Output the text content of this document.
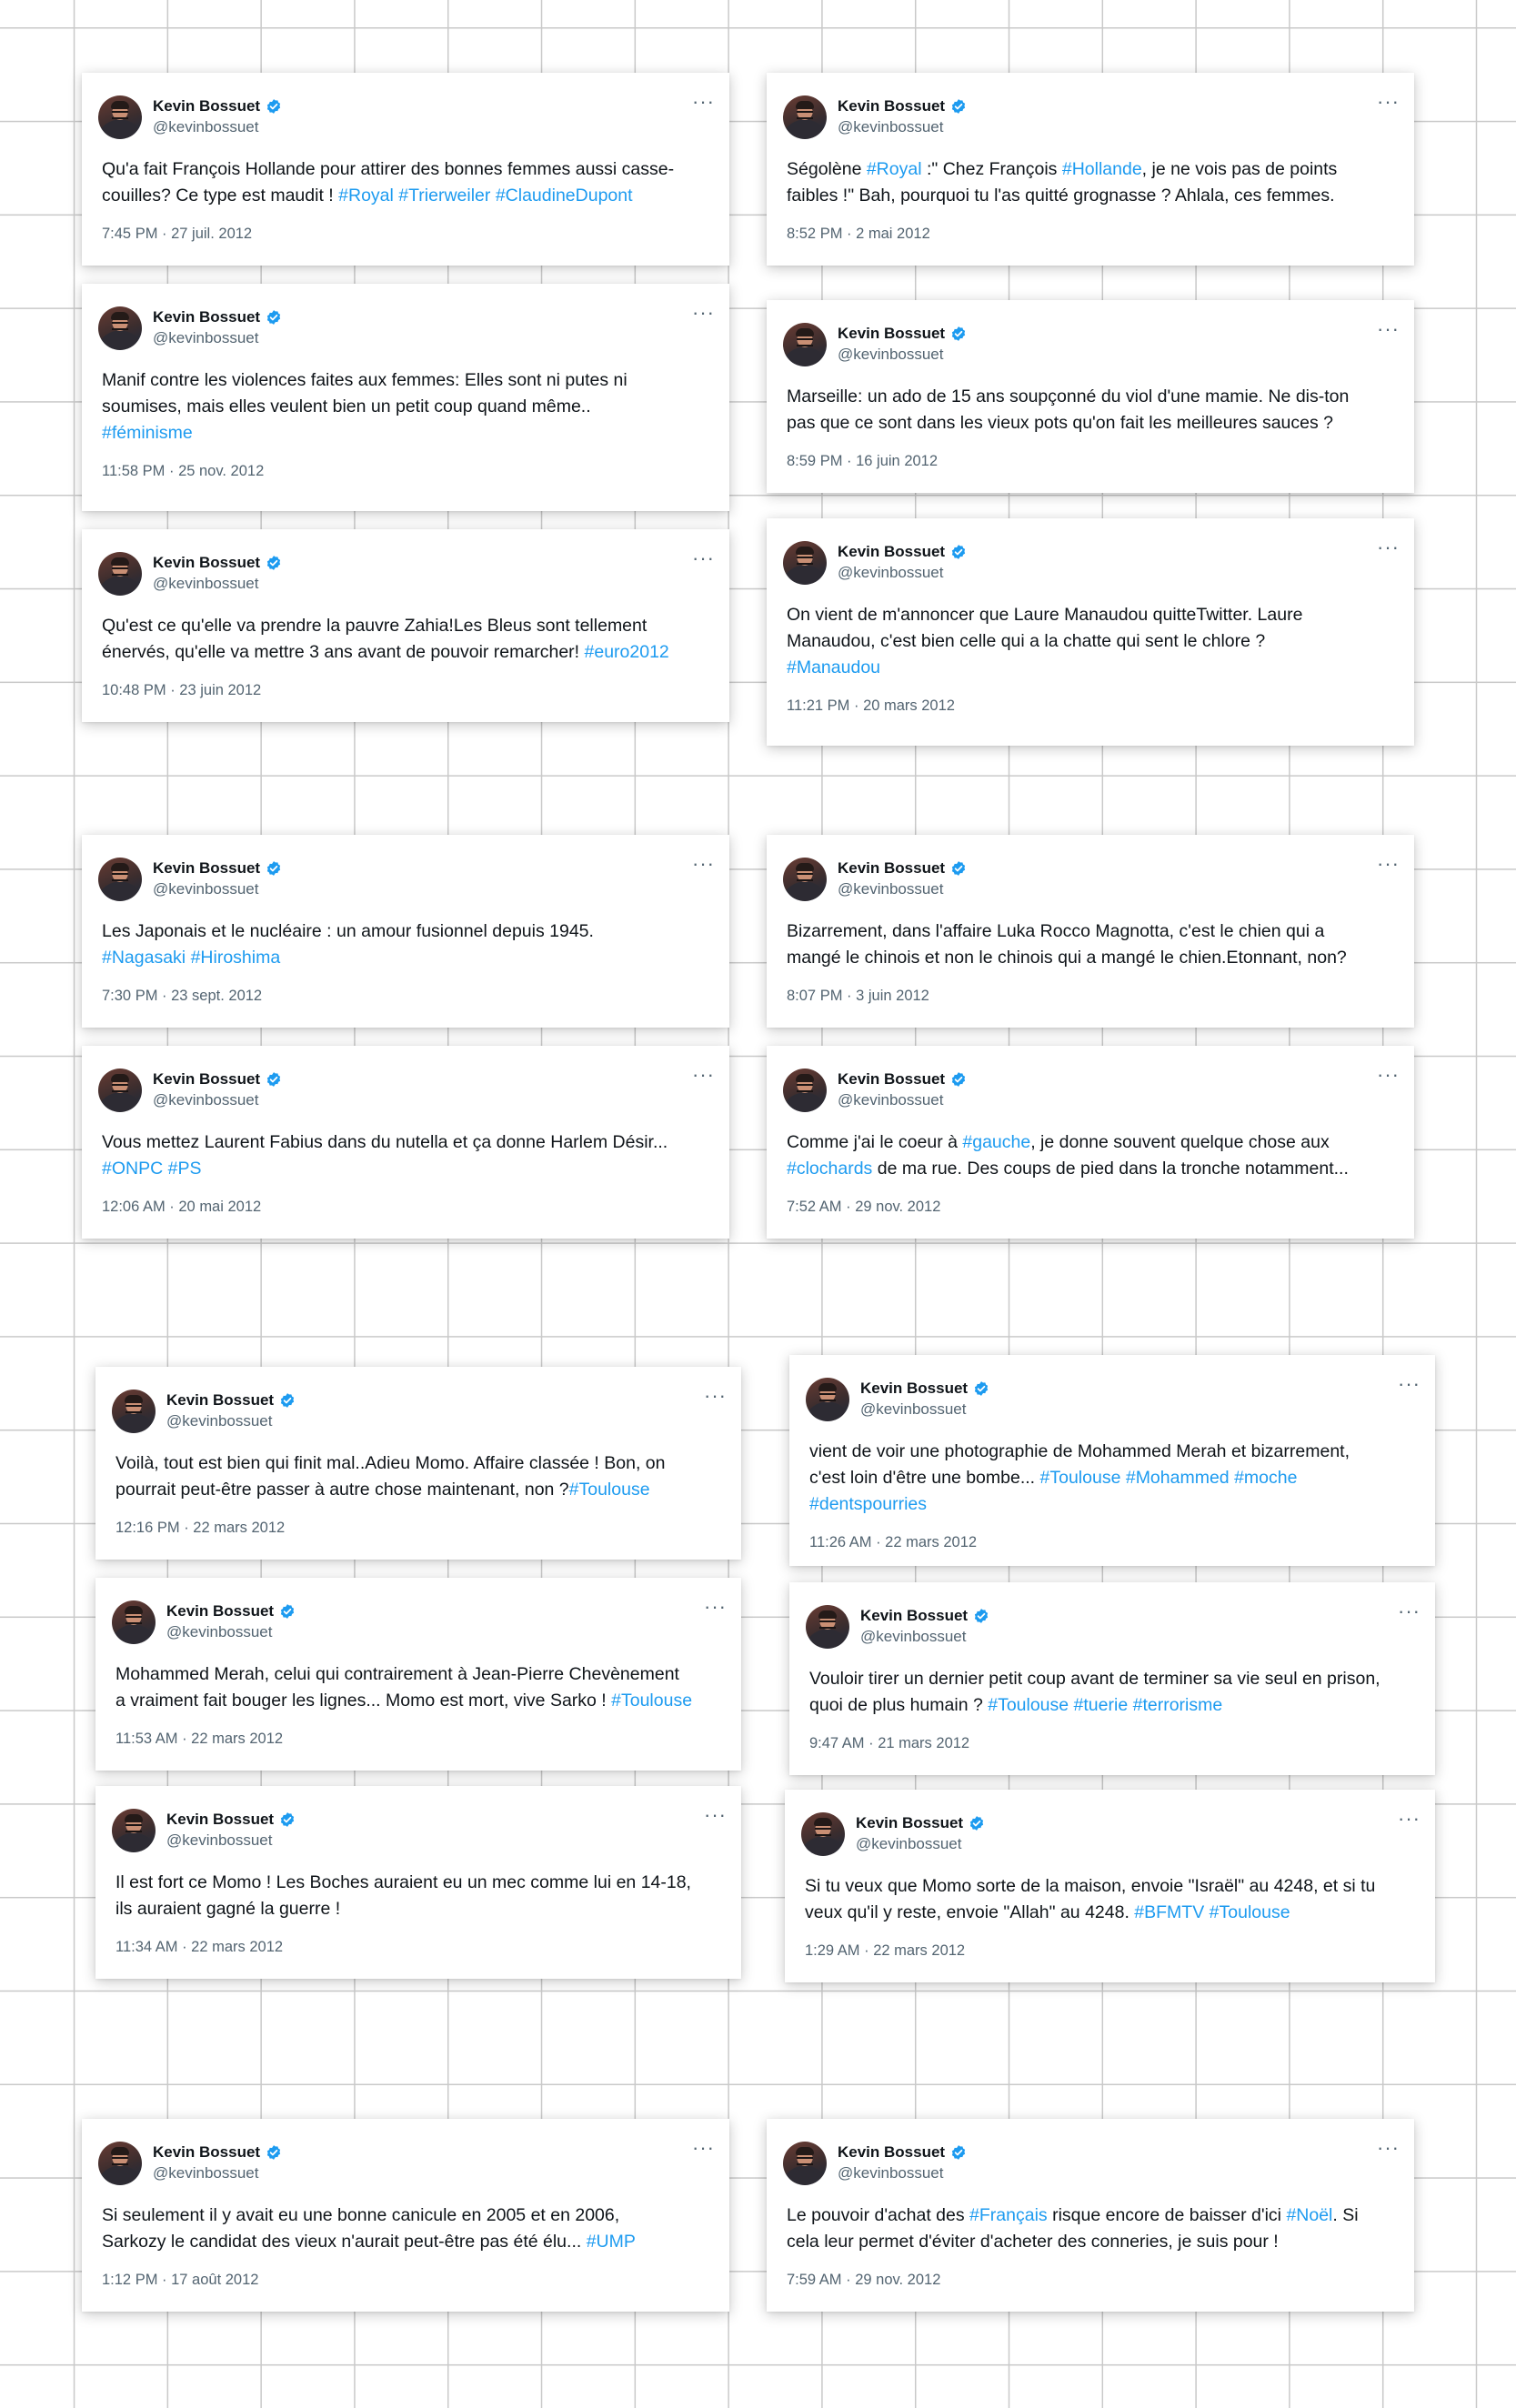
Kevin Bossuet
@kevinbossuet
···
Qu'a fait François Hollande pour attirer des bonnes femmes aussi casse-
couilles? Ce type est maudit ! #Royal #Trierweiler #ClaudineDupont
7:45 PM · 27 juil. 2012
Kevin Bossuet
@kevinbossuet
···
Ségolène #Royal :" Chez François #Hollande, je ne vois pas de points
faibles !" Bah, pourquoi tu l'as quitté grognasse ? Ahlala, ces femmes.
8:52 PM · 2 mai 2012
Kevin Bossuet
@kevinbossuet
···
Manif contre les violences faites aux femmes: Elles sont ni putes ni
soumises, mais elles veulent bien un petit coup quand même..
#féminisme
11:58 PM · 25 nov. 2012
Kevin Bossuet
@kevinbossuet
···
Marseille: un ado de 15 ans soupçonné du viol d'une mamie. Ne dis-ton
pas que ce sont dans les vieux pots qu'on fait les meilleures sauces ?
8:59 PM · 16 juin 2012
Kevin Bossuet
@kevinbossuet
···
Qu'est ce qu'elle va prendre la pauvre Zahia!Les Bleus sont tellement
énervés, qu'elle va mettre 3 ans avant de pouvoir remarcher! #euro2012
10:48 PM · 23 juin 2012
Kevin Bossuet
@kevinbossuet
···
On vient de m'annoncer que Laure Manaudou quitteTwitter. Laure
Manaudou, c'est bien celle qui a la chatte qui sent le chlore ?
#Manaudou
11:21 PM · 20 mars 2012
Kevin Bossuet
@kevinbossuet
···
Les Japonais et le nucléaire : un amour fusionnel depuis 1945.
#Nagasaki #Hiroshima
7:30 PM · 23 sept. 2012
Kevin Bossuet
@kevinbossuet
···
Bizarrement, dans l'affaire Luka Rocco Magnotta, c'est le chien qui a
mangé le chinois et non le chinois qui a mangé le chien.Etonnant, non?
8:07 PM · 3 juin 2012
Kevin Bossuet
@kevinbossuet
···
Vous mettez Laurent Fabius dans du nutella et ça donne Harlem Désir...
#ONPC #PS
12:06 AM · 20 mai 2012
Kevin Bossuet
@kevinbossuet
···
Comme j'ai le coeur à #gauche, je donne souvent quelque chose aux
#clochards de ma rue. Des coups de pied dans la tronche notamment...
7:52 AM · 29 nov. 2012
Kevin Bossuet
@kevinbossuet
···
Voilà, tout est bien qui finit mal..Adieu Momo. Affaire classée ! Bon, on
pourrait peut-être passer à autre chose maintenant, non ?#Toulouse
12:16 PM · 22 mars 2012
Kevin Bossuet
@kevinbossuet
···
vient de voir une photographie de Mohammed Merah et bizarrement,
c'est loin d'être une bombe... #Toulouse #Mohammed #moche
#dentspourries
11:26 AM · 22 mars 2012
Kevin Bossuet
@kevinbossuet
···
Mohammed Merah, celui qui contrairement à Jean-Pierre Chevènement
a vraiment fait bouger les lignes... Momo est mort, vive Sarko ! #Toulouse
11:53 AM · 22 mars 2012
Kevin Bossuet
@kevinbossuet
···
Vouloir tirer un dernier petit coup avant de terminer sa vie seul en prison,
quoi de plus humain ? #Toulouse #tuerie #terrorisme
9:47 AM · 21 mars 2012
Kevin Bossuet
@kevinbossuet
···
Il est fort ce Momo ! Les Boches auraient eu un mec comme lui en 14-18,
ils auraient gagné la guerre !
11:34 AM · 22 mars 2012
Kevin Bossuet
@kevinbossuet
···
Si tu veux que Momo sorte de la maison, envoie "Israël" au 4248, et si tu
veux qu'il y reste, envoie "Allah" au 4248. #BFMTV #Toulouse
1:29 AM · 22 mars 2012
Kevin Bossuet
@kevinbossuet
···
Si seulement il y avait eu une bonne canicule en 2005 et en 2006,
Sarkozy le candidat des vieux n'aurait peut-être pas été élu... #UMP
1:12 PM · 17 août 2012
Kevin Bossuet
@kevinbossuet
···
Le pouvoir d'achat des #Français risque encore de baisser d'ici #Noël. Si
cela leur permet d'éviter d'acheter des conneries, je suis pour !
7:59 AM · 29 nov. 2012
